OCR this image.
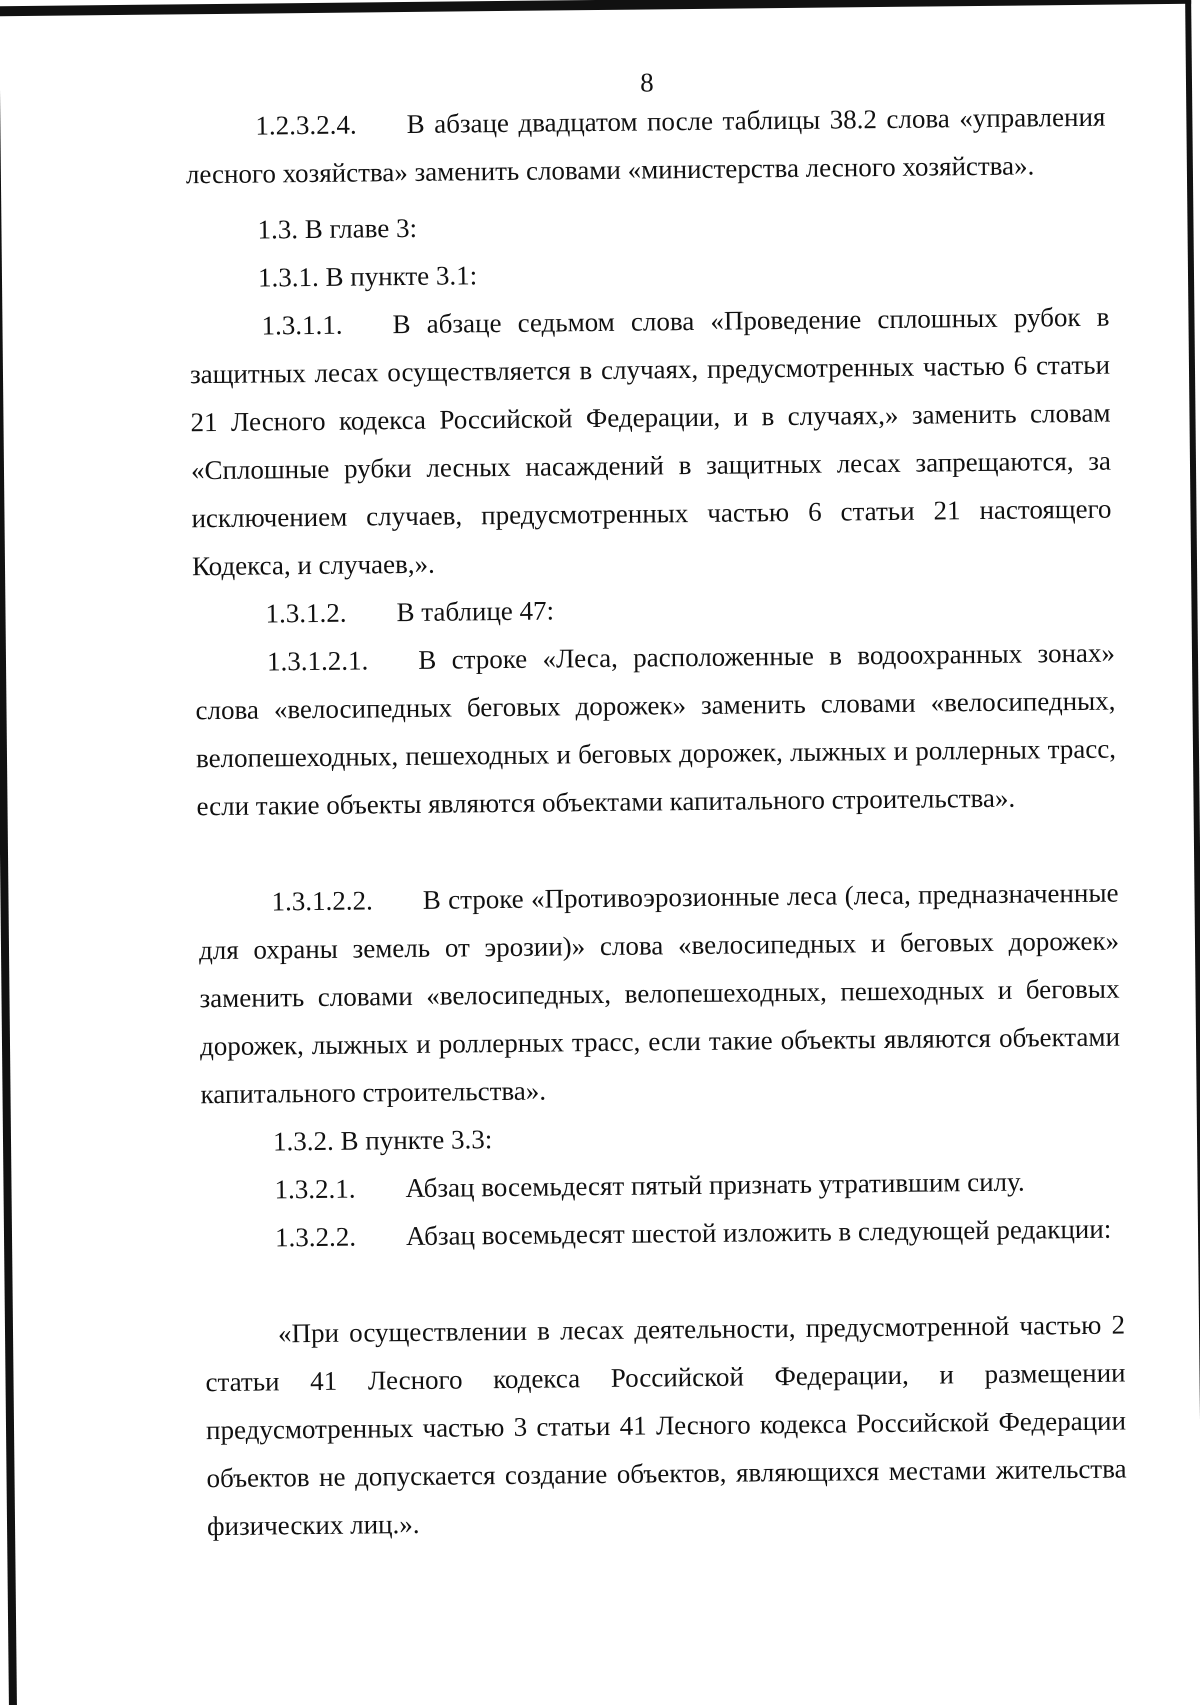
8
1.2.3.2.4. В абзаце двадцатом после таблицы 38.2 слова «управления лесного хозяйства» заменить словами «министерства лесного хозяйства».
1.3. В главе 3:
1.3.1. В пункте 3.1:
1.3.1.1. В абзаце седьмом слова «Проведение сплошных рубок в защитных лесах осуществляется в случаях, предусмотренных частью 6 статьи 21 Лесного кодекса Российской Федерации, и в случаях,» заменить словам «Сплошные рубки лесных насаждений в защитных лесах запрещаются, за исключением случаев, предусмотренных частью 6 статьи 21 настоящего Кодекса, и случаев,».
1.3.1.2. В таблице 47:
1.3.1.2.1. В строке «Леса, расположенные в водоохранных зонах» слова «велосипедных беговых дорожек» заменить словами «велосипедных, велопешеходных, пешеходных и беговых дорожек, лыжных и роллерных трасс, если такие объекты являются объектами капитального строительства».
1.3.1.2.2. В строке «Противоэрозионные леса (леса, предназначенные для охраны земель от эрозии)» слова «велосипедных и беговых дорожек» заменить словами «велосипедных, велопешеходных, пешеходных и беговых дорожек, лыжных и роллерных трасс, если такие объекты являются объектами капитального строительства».
1.3.2. В пункте 3.3:
1.3.2.1. Абзац восемьдесят пятый признать утратившим силу.
1.3.2.2. Абзац восемьдесят шестой изложить в следующей редакции:
«При осуществлении в лесах деятельности, предусмотренной частью 2 статьи 41 Лесного кодекса Российской Федерации, и размещении предусмотренных частью 3 статьи 41 Лесного кодекса Российской Федерации объектов не допускается создание объектов, являющихся местами жительства физических лиц.».
